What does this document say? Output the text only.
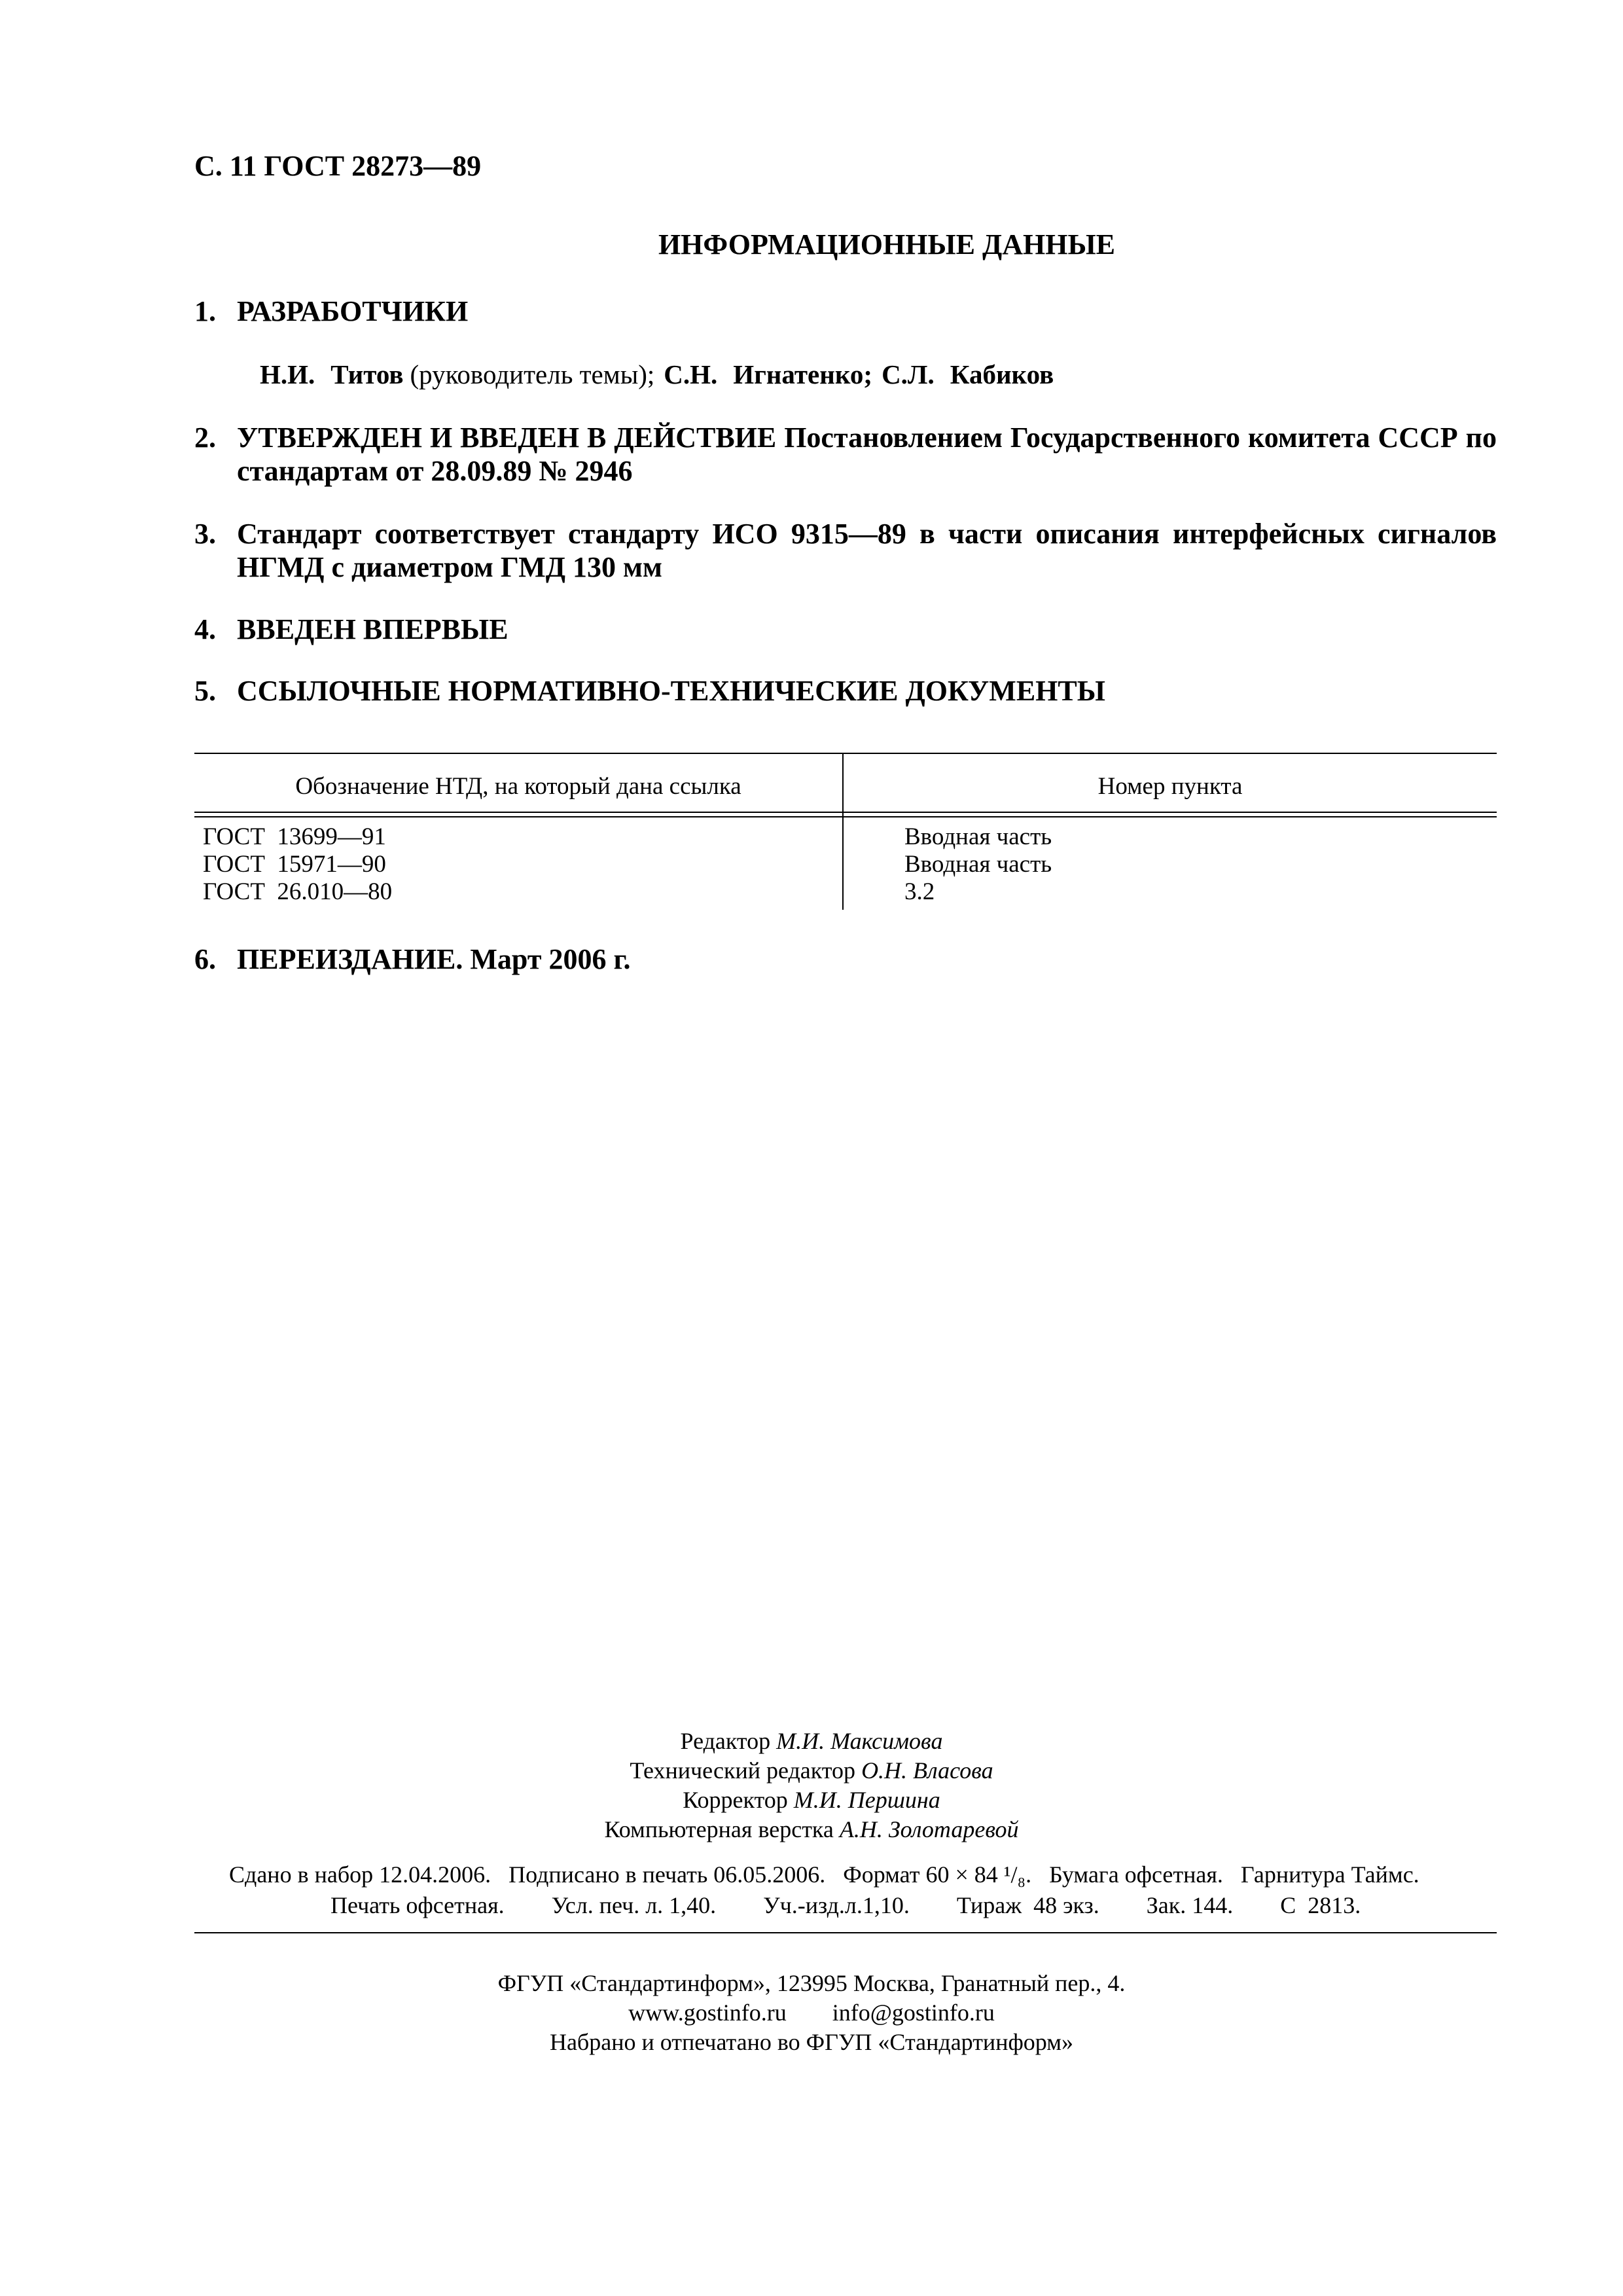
С. 11 ГОСТ 28273—89
ИНФОРМАЦИОННЫЕ ДАННЫЕ
1. РАЗРАБОТЧИКИ
Н.И. Титов (руководитель темы); С.Н. Игнатенко; С.Л. Кабиков
2. УТВЕРЖДЕН И ВВЕДЕН В ДЕЙСТВИЕ Постановлением Государственного комитета СССР по стандартам от 28.09.89 № 2946
3. Стандарт соответствует стандарту ИСО 9315—89 в части описания интерфейсных сигналов НГМД с диаметром ГМД 130 мм
4. ВВЕДЕН ВПЕРВЫЕ
5. ССЫЛОЧНЫЕ НОРМАТИВНО-ТЕХНИЧЕСКИЕ ДОКУМЕНТЫ
Обозначение НТД, на который дана ссылка	Номер пункта
ГОСТ  13699—91	Вводная часть
ГОСТ  15971—90	Вводная часть
ГОСТ  26.010—80	3.2
6. ПЕРЕИЗДАНИЕ. Март 2006 г.
Редактор М.И. Максимова
Технический редактор О.Н. Власова
Корректор М.И. Першина
Компьютерная верстка А.Н. Золотаревой
Сдано в набор 12.04.2006.   Подписано в печать 06.05.2006.   Формат 60 × 84 ¹/₈.   Бумага офсетная.   Гарнитура Таймс.
Печать офсетная.        Усл. печ. л. 1,40.        Уч.-изд.л.1,10.        Тираж  48 экз.        Зак. 144.        С  2813.
ФГУП «Стандартинформ», 123995 Москва, Гранатный пер., 4.
www.gostinfo.ru info@gostinfo.ru
Набрано и отпечатано во ФГУП «Стандартинформ»
